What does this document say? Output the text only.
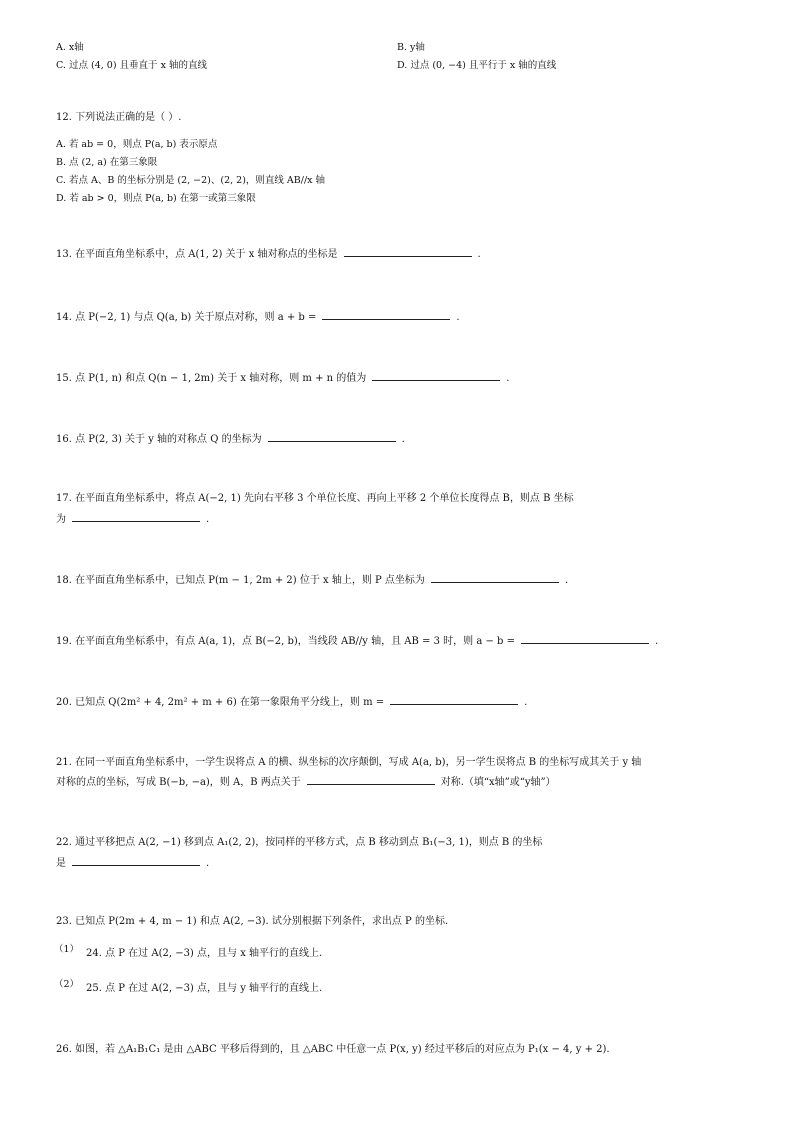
A. x轴	B. y轴
C. 过点 (4, 0) 且垂直于 x 轴的直线	D. 过点 (0, −4) 且平行于 x 轴的直线
12. 下列说法正确的是（ ）.
A. 若 ab = 0，则点 P(a, b) 表示原点
B. 点 (2, a) 在第三象限
C. 若点 A、B 的坐标分别是 (2, −2)、(2, 2)，则直线 AB//x 轴
D. 若 ab > 0，则点 P(a, b) 在第一或第三象限
13. 在平面直角坐标系中，点 A(1, 2) 关于 x 轴对称点的坐标是	.
14. 点 P(−2, 1) 与点 Q(a, b) 关于原点对称，则 a + b =	.
15. 点 P(1, n) 和点 Q(n − 1, 2m) 关于 x 轴对称，则 m + n 的值为	.
16. 点 P(2, 3) 关于 y 轴的对称点 Q 的坐标为	.
17. 在平面直角坐标系中，将点 A(−2, 1) 先向右平移 3 个单位长度、再向上平移 2 个单位长度得点 B，则点 B 坐标
为	.
18. 在平面直角坐标系中，已知点 P(m − 1, 2m + 2) 位于 x 轴上，则 P 点坐标为	.
19. 在平面直角坐标系中，有点 A(a, 1)，点 B(−2, b)，当线段 AB//y 轴，且 AB = 3 时，则 a − b =	.
20. 已知点 Q(2m² + 4, 2m² + m + 6) 在第一象限角平分线上，则 m =	.
21. 在同一平面直角坐标系中，一学生误将点 A 的横、纵坐标的次序颠倒，写成 A(a, b)，另一学生误将点 B 的坐标写成其关于 y 轴
对称的点的坐标，写成 B(−b, −a)，则 A，B 两点关于	对称.（填“x轴”或“y轴”）
22. 通过平移把点 A(2, −1) 移到点 A₁(2, 2)，按同样的平移方式，点 B 移动到点 B₁(−3, 1)，则点 B 的坐标
是	.
23. 已知点 P(2m + 4, m − 1) 和点 A(2, −3). 试分别根据下列条件，求出点 P 的坐标.
（1） 24. 点 P 在过 A(2, −3) 点，且与 x 轴平行的直线上.
（2） 25. 点 P 在过 A(2, −3) 点，且与 y 轴平行的直线上.
26. 如图，若 △A₁B₁C₁ 是由 △ABC 平移后得到的，且 △ABC 中任意一点 P(x, y) 经过平移后的对应点为 P₁(x − 4, y + 2).
